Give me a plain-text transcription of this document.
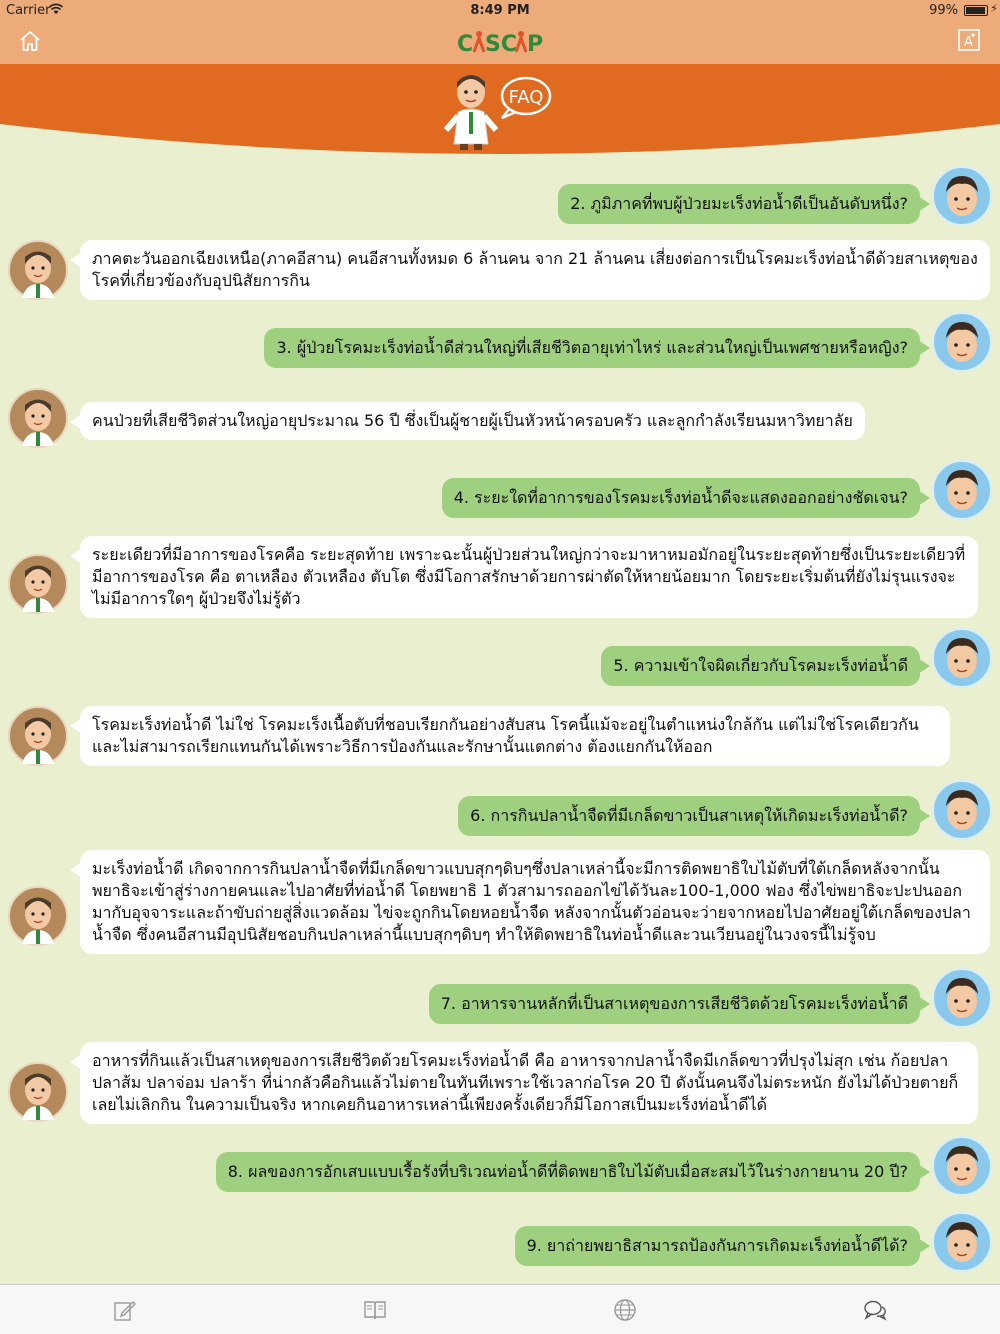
Carrier	8:49 PM	99%	⚡
C SC P	A
FAQ
2. ภูมิภาคที่พบผู้ป่วยมะเร็งท่อน้ำดีเป็นอันดับหนึ่ง?
ภาคตะวันออกเฉียงเหนือ(ภาคอีสาน) คนอีสานทั้งหมด 6 ล้านคน จาก 21 ล้านคน เสี่ยงต่อการเป็นโรคมะเร็งท่อน้ำดีด้วยสาเหตุของโรคที่เกี่ยวข้องกับอุปนิสัยการกิน
3. ผู้ป่วยโรคมะเร็งท่อน้ำดีส่วนใหญ่ที่เสียชีวิตอายุเท่าไหร่ และส่วนใหญ่เป็นเพศชายหรือหญิง?
คนป่วยที่เสียชีวิตส่วนใหญ่อายุประมาณ 56 ปี ซึ่งเป็นผู้ชายผู้เป็นหัวหน้าครอบครัว และลูกกำลังเรียนมหาวิทยาลัย
4. ระยะใดที่อาการของโรคมะเร็งท่อน้ำดีจะแสดงออกอย่างชัดเจน?
ระยะเดียวที่มีอาการของโรคคือ ระยะสุดท้าย เพราะฉะนั้นผู้ป่วยส่วนใหญ่กว่าจะมาหาหมอมักอยู่ในระยะสุดท้ายซึ่งเป็นระยะเดียวที่มีอาการของโรค คือ ตาเหลือง ตัวเหลือง ตับโต ซึ่งมีโอกาสรักษาด้วยการผ่าตัดให้หายน้อยมาก โดยระยะเริ่มต้นที่ยังไม่รุนแรงจะไม่มีอาการใดๆ ผู้ป่วยจึงไม่รู้ตัว
5. ความเข้าใจผิดเกี่ยวกับโรคมะเร็งท่อน้ำดี
โรคมะเร็งท่อน้ำดี ไม่ใช่ โรคมะเร็งเนื้อตับที่ชอบเรียกกันอย่างสับสน โรคนี้แม้จะอยู่ในตำแหน่งใกล้กัน แต่ไม่ใช่โรคเดียวกันและไม่สามารถเรียกแทนกันได้เพราะวิธีการป้องกันและรักษานั้นแตกต่าง ต้องแยกกันให้ออก
6. การกินปลาน้ำจืดที่มีเกล็ดขาวเป็นสาเหตุให้เกิดมะเร็งท่อน้ำดี?
มะเร็งท่อน้ำดี เกิดจากการกินปลาน้ำจืดที่มีเกล็ดขาวแบบสุกๆดิบๆซึ่งปลาเหล่านี้จะมีการติดพยาธิใบไม้ตับที่ใต้เกล็ดหลังจากนั้นพยาธิจะเข้าสู่ร่างกายคนและไปอาศัยที่ท่อน้ำดี โดยพยาธิ 1 ตัวสามารถออกไข่ได้วันละ100-1,000 ฟอง ซึ่งไข่พยาธิจะปะปนออกมากับอุจจาระและถ้าขับถ่ายสู่สิ่งแวดล้อม ไข่จะถูกกินโดยหอยน้ำจืด หลังจากนั้นตัวอ่อนจะว่ายจากหอยไปอาศัยอยู่ใต้เกล็ดของปลาน้ำจืด ซึ่งคนอีสานมีอุปนิสัยชอบกินปลาเหล่านี้แบบสุกๆดิบๆ ทำให้ติดพยาธิในท่อน้ำดีและวนเวียนอยู่ในวงจรนี้ไม่รู้จบ
7. อาหารจานหลักที่เป็นสาเหตุของการเสียชีวิตด้วยโรคมะเร็งท่อน้ำดี
อาหารที่กินแล้วเป็นสาเหตุของการเสียชีวิตด้วยโรคมะเร็งท่อน้ำดี คือ อาหารจากปลาน้ำจืดมีเกล็ดขาวที่ปรุงไม่สุก เช่น ก้อยปลา ปลาส้ม ปลาจ่อม ปลาร้า ที่น่ากลัวคือกินแล้วไม่ตายในทันทีเพราะใช้เวลาก่อโรค 20 ปี ดังนั้นคนจึงไม่ตระหนัก ยังไม่ได้ป่วยตายก็เลยไม่เลิกกิน ในความเป็นจริง หากเคยกินอาหารเหล่านี้เพียงครั้งเดียวก็มีโอกาสเป็นมะเร็งท่อน้ำดีได้
8. ผลของการอักเสบแบบเรื้อรังที่บริเวณท่อน้ำดีที่ติดพยาธิใบไม้ตับเมื่อสะสมไว้ในร่างกายนาน 20 ปี?
9. ยาถ่ายพยาธิสามารถป้องกันการเกิดมะเร็งท่อน้ำดีได้?
